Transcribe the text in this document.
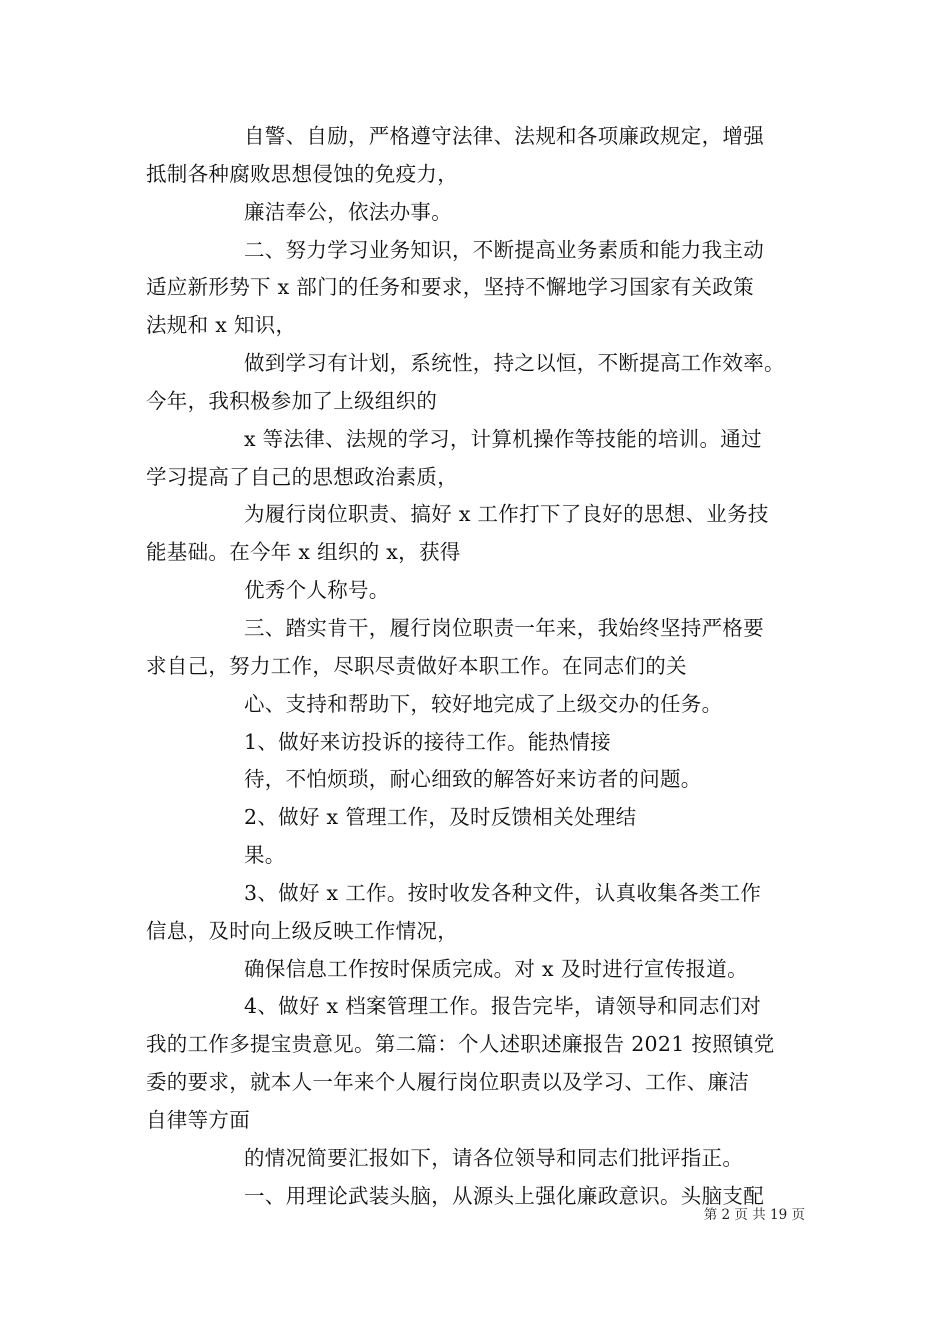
自警、自励，严格遵守法律、法规和各项廉政规定，增强
抵制各种腐败思想侵蚀的免疫力，
廉洁奉公，依法办事。
二、努力学习业务知识，不断提高业务素质和能力我主动
适应新形势下 x 部门的任务和要求，坚持不懈地学习国家有关政策
法规和 x 知识，
做到学习有计划，系统性，持之以恒，不断提高工作效率。
今年，我积极参加了上级组织的
x 等法律、法规的学习，计算机操作等技能的培训。通过
学习提高了自己的思想政治素质，
为履行岗位职责、搞好 x 工作打下了良好的思想、业务技
能基础。在今年 x 组织的 x，获得
优秀个人称号。
三、踏实肯干，履行岗位职责一年来，我始终坚持严格要
求自己，努力工作，尽职尽责做好本职工作。在同志们的关
心、支持和帮助下，较好地完成了上级交办的任务。
1、做好来访投诉的接待工作。能热情接
待，不怕烦琐，耐心细致的解答好来访者的问题。
2、做好 x 管理工作，及时反馈相关处理结
果。
3、做好 x 工作。按时收发各种文件，认真收集各类工作
信息，及时向上级反映工作情况，
确保信息工作按时保质完成。对 x 及时进行宣传报道。
4、做好 x 档案管理工作。报告完毕，请领导和同志们对
我的工作多提宝贵意见。第二篇：个人述职述廉报告 2021 按照镇党
委的要求，就本人一年来个人履行岗位职责以及学习、工作、廉洁
自律等方面
的情况简要汇报如下，请各位领导和同志们批评指正。
一、用理论武装头脑，从源头上强化廉政意识。头脑支配
第 2 页 共 19 页
